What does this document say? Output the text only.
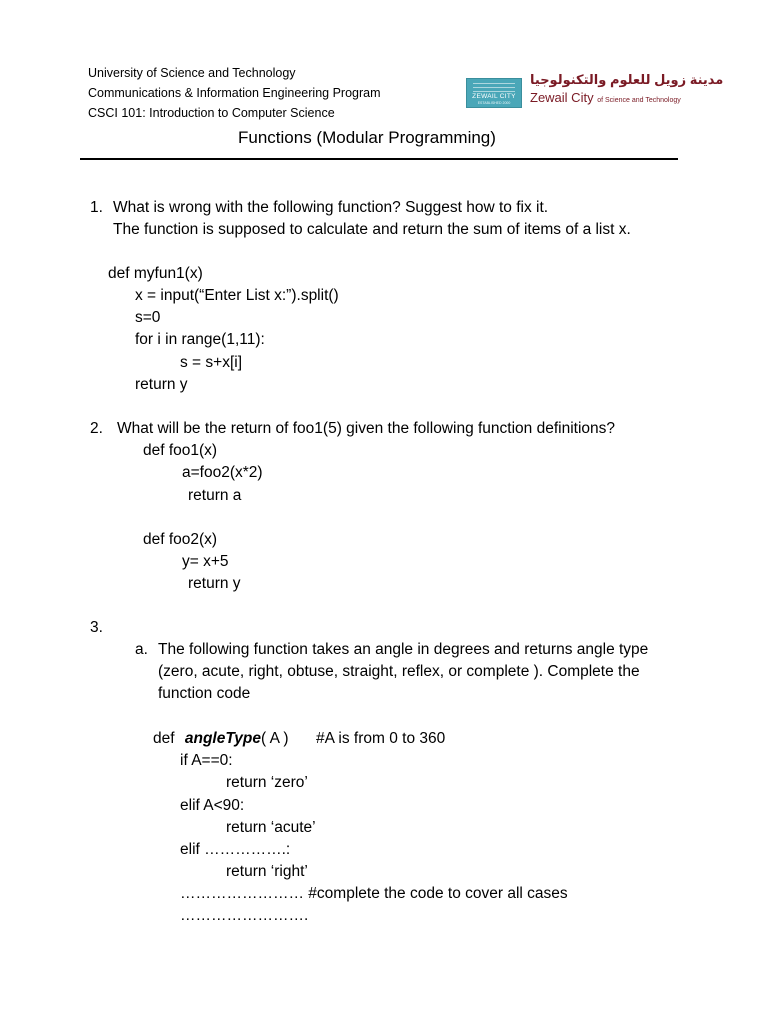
University of Science and Technology
Communications & Information Engineering Program
CSCI 101: Introduction to Computer Science
ZEWAIL CITY
ESTABLISHED 2000
مدينة زويل للعلوم والتكنولوجيا
Zewail City of Science and Technology
Functions (Modular Programming)
1. What is wrong with the following function? Suggest how to fix it.
The function is supposed to calculate and return the sum of items of a list x.
def myfun1(x)
x = input(“Enter List x:”).split()
s=0
for i in range(1,11):
s = s+x[i]
return y
2. What will be the return of foo1(5) given the following function definitions?
def foo1(x)
a=foo2(x*2)
return a
def foo2(x)
y= x+5
return y
3.
a. The following function takes an angle in degrees and returns angle type
(zero, acute, right, obtuse, straight, reflex, or complete ). Complete the
function code
def angleType( A ) #A is from 0 to 360
if A==0:
return ‘zero’
elif A<90:
return ‘acute’
elif …………….:
return ‘right’
…………………… #complete the code to cover all cases
…………………….
